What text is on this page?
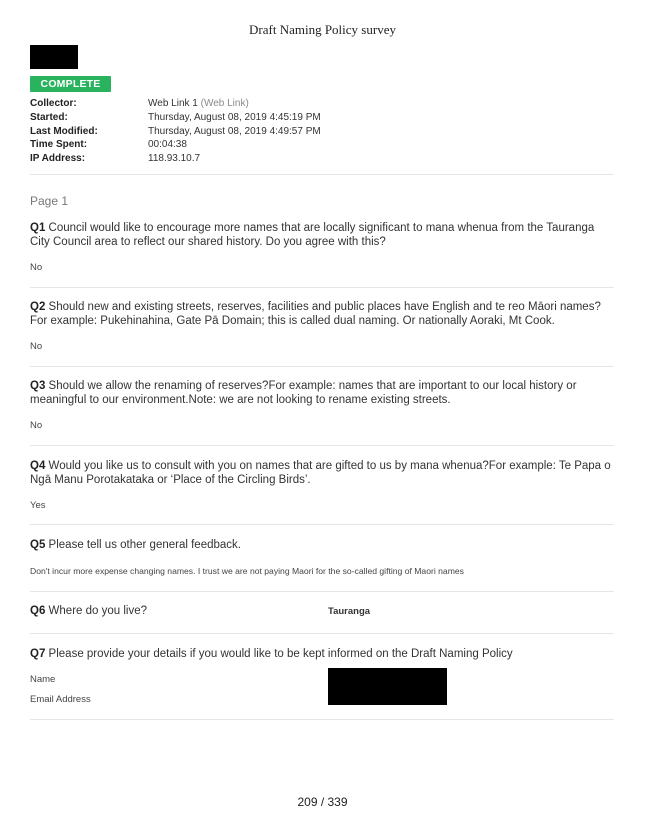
Draft Naming Policy survey
COMPLETE
Collector:	Web Link 1 (Web Link)
Started:	Thursday, August 08, 2019 4:45:19 PM
Last Modified:	Thursday, August 08, 2019 4:49:57 PM
Time Spent:	00:04:38
IP Address:	118.93.10.7
Page 1
Q1 Council would like to encourage more names that are locally significant to mana whenua from the Tauranga City Council area to reflect our shared history. Do you agree with this?
No
Q2 Should new and existing streets, reserves, facilities and public places have English and te reo Māori names?For example: Pukehinahina, Gate Pā Domain; this is called dual naming. Or nationally Aoraki, Mt Cook.
No
Q3 Should we allow the renaming of reserves?For example: names that are important to our local history or meaningful to our environment.Note: we are not looking to rename existing streets.
No
Q4 Would you like us to consult with you on names that are gifted to us by mana whenua?For example: Te Papa o Ngā Manu Porotakataka or ‘Place of the Circling Birds’.
Yes
Q5 Please tell us other general feedback.
Don't incur more expense changing names. I trust we are not paying Maori for the so-called gifting of Maori names
Q6 Where do you live?	Tauranga
Q7 Please provide your details if you would like to be kept informed on the Draft Naming Policy
Name
Email Address
209 / 339
